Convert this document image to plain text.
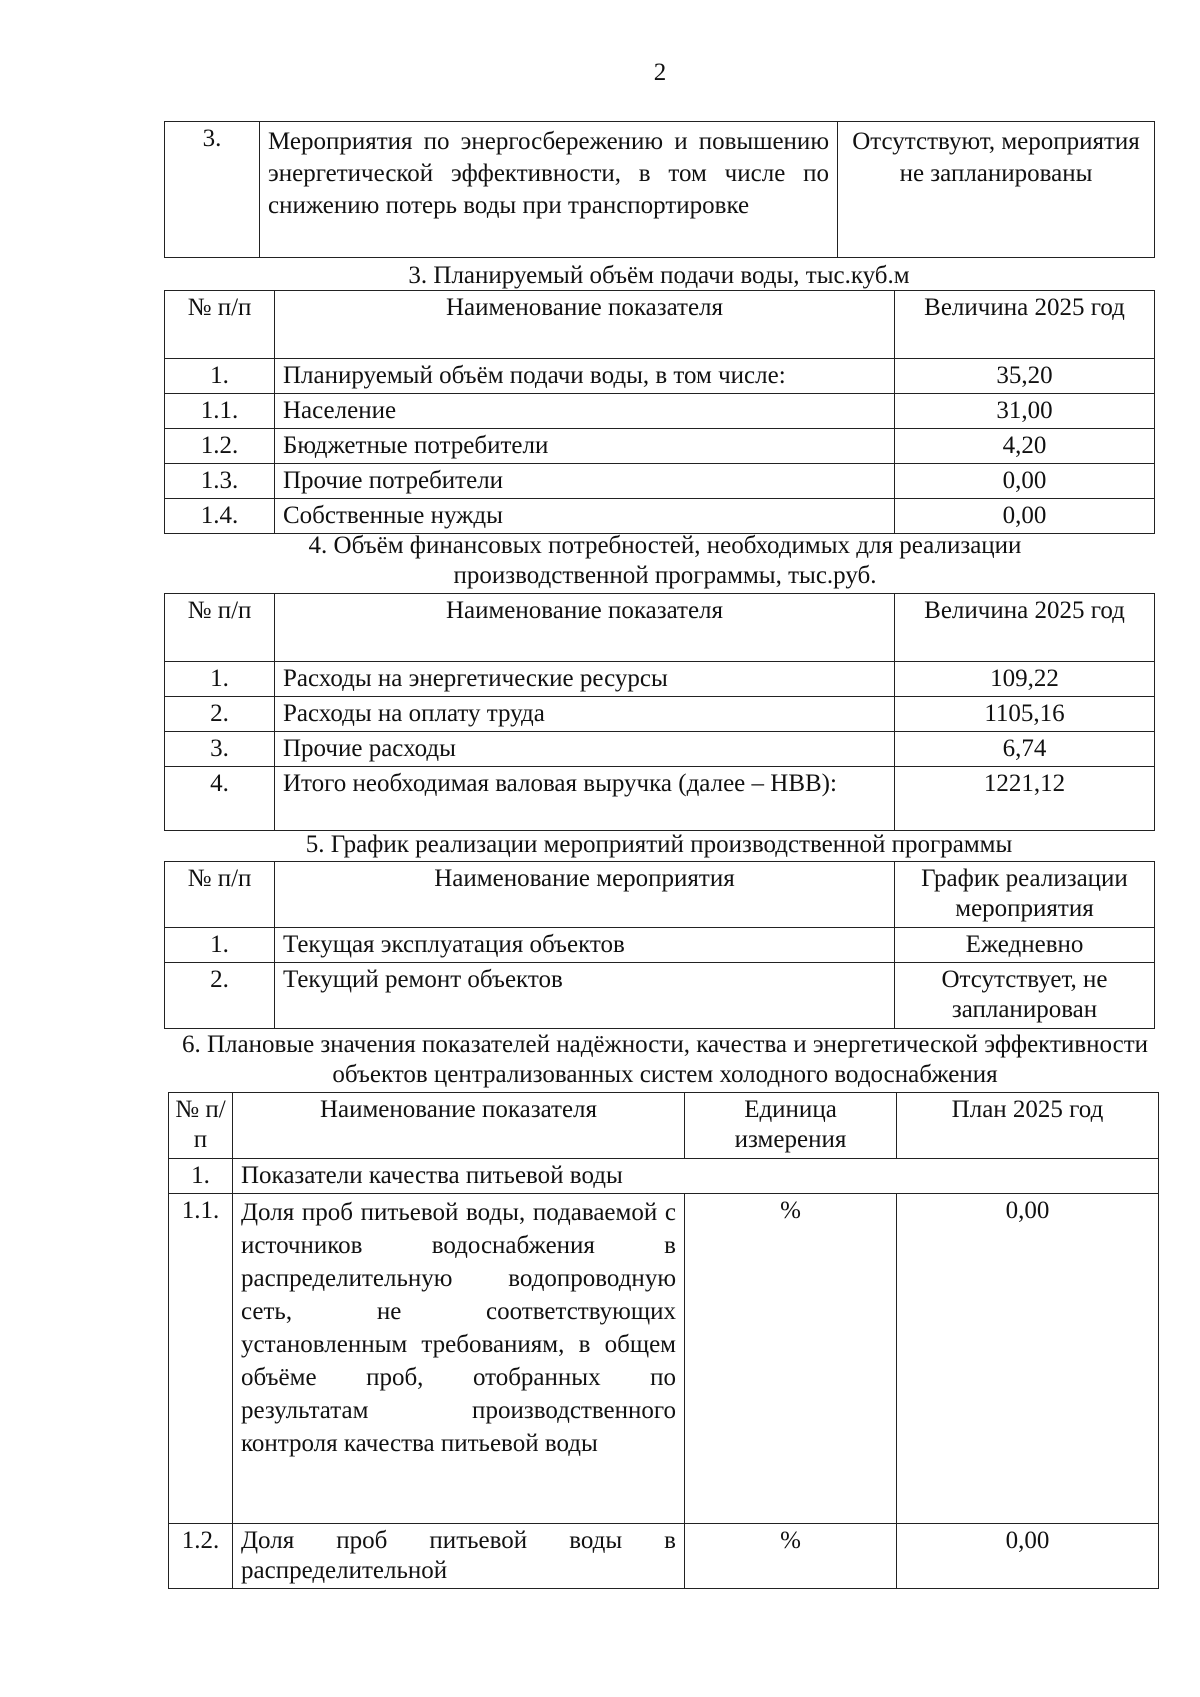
2
3.	Мероприятия по энергосбережению и повышению энергетической эффективности, в том числе по снижению потерь воды при транспортировке	Отсутствуют, мероприятия не запланированы
3. Планируемый объём подачи воды, тыс.куб.м
№ п/п	Наименование показателя	Величина 2025 год
1.	Планируемый объём подачи воды, в том числе:	35,20
1.1.	Население	31,00
1.2.	Бюджетные потребители	4,20
1.3.	Прочие потребители	0,00
1.4.	Собственные нужды	0,00
4. Объём финансовых потребностей, необходимых для реализации производственной программы, тыс.руб.
№ п/п	Наименование показателя	Величина 2025 год
1.	Расходы на энергетические ресурсы	109,22
2.	Расходы на оплату труда	1105,16
3.	Прочие расходы	6,74
4.	Итого необходимая валовая выручка (далее – НВВ):	1221,12
5. График реализации мероприятий производственной программы
№ п/п	Наименование мероприятия	График реализации мероприятия
1.	Текущая эксплуатация объектов	Ежедневно
2.	Текущий ремонт объектов	Отсутствует, не запланирован
6. Плановые значения показателей надёжности, качества и энергетической эффективности объектов централизованных систем холодного водоснабжения
№ п/п	Наименование показателя	Единица измерения	План 2025 год
1.	Показатели качества питьевой воды		
1.1.	Доля проб питьевой воды, подаваемой с источников водоснабжения в распределительную водопроводную сеть, не соответствующих установленным требованиям, в общем объёме проб, отобранных по результатам производственного контроля качества питьевой воды	%	0,00
1.2.	Доля проб питьевой воды в распределительной	%	0,00
